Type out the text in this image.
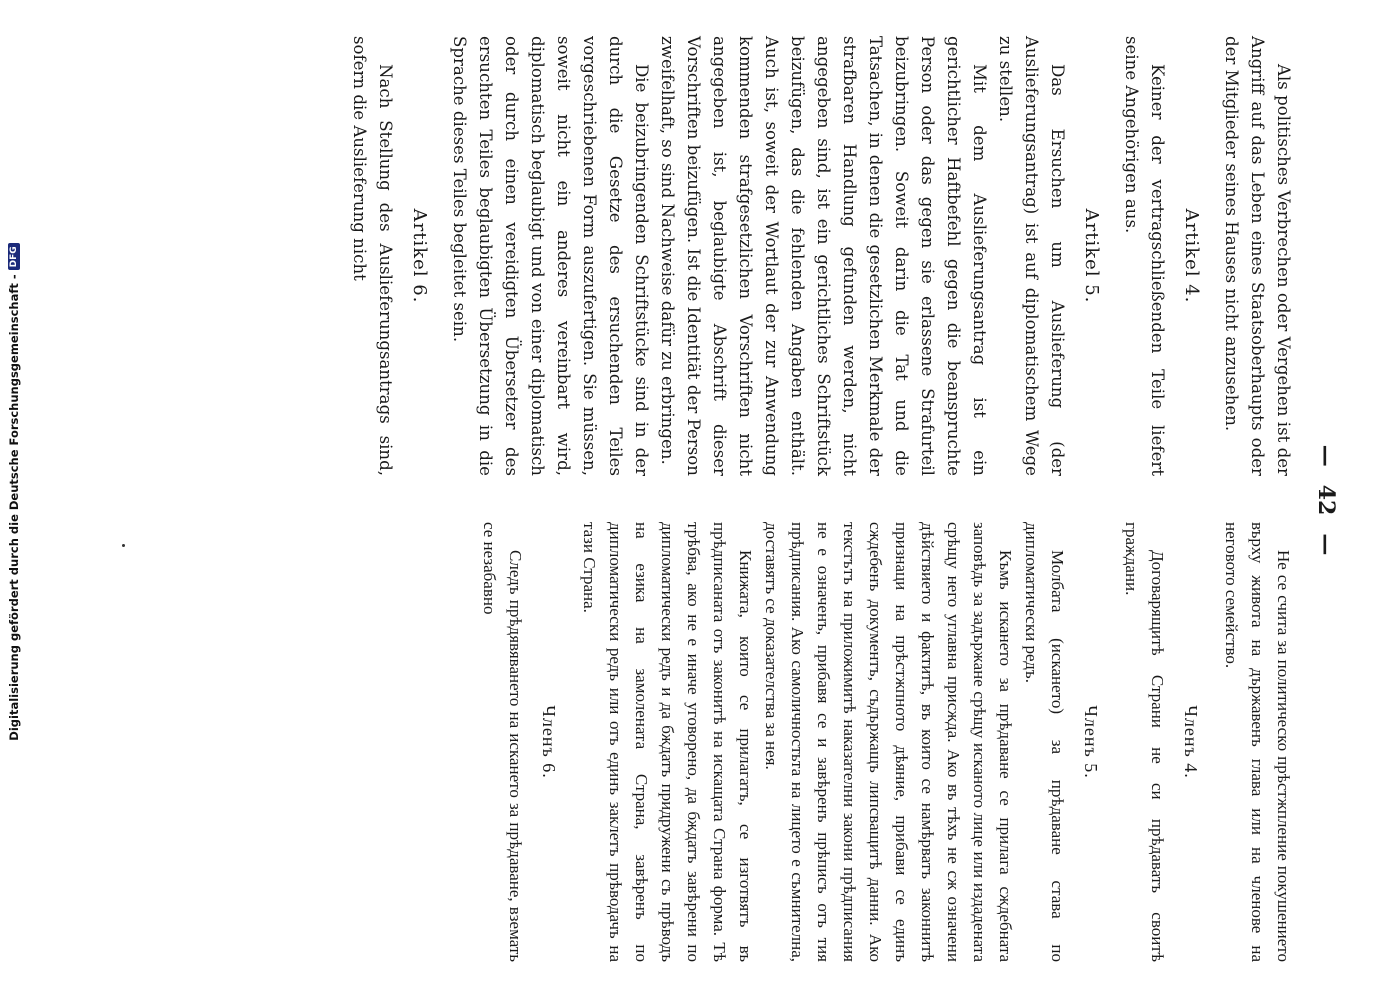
—
42
—

Als politisches Verbrechen oder Vergehen ist der Angriff auf das Leben eines Staatsoberhaupts oder der Mitglieder seines Hauses nicht anzusehen.

Artikel 4.

Keiner der vertragschließenden Teile liefert seine Angehörigen aus.

Artikel 5.

Das Ersuchen um Auslieferung (der Auslieferungsantrag) ist auf diplomatischem Wege zu stellen.

Mit dem Auslieferungsantrag ist ein gerichtlicher Haftbefehl gegen die beanspruchte Person oder das gegen sie erlassene Strafurteil beizubringen. Soweit darin die Tat und die Tatsachen, in denen die gesetzlichen Merkmale der strafbaren Handlung gefunden werden, nicht angegeben sind, ist ein gerichtliches Schriftstück beizufügen, das die fehlenden Angaben enthält. Auch ist, soweit der Wortlaut der zur Anwendung kommenden strafgesetzlichen Vorschriften nicht angegeben ist, beglaubigte Abschrift dieser Vorschriften beizufügen. Ist die Identität der Person zweifelhaft, so sind Nachweise dafür zu erbringen.

Die beizubringenden Schriftstücke sind in der durch die Gesetze des ersuchenden Teiles vorgeschriebenen Form auszufertigen. Sie müssen, soweit nicht ein anderes vereinbart wird, diplomatisch beglaubigt und von einer diplomatisch oder durch einen vereidigten Übersetzer des ersuchten Teiles beglaubigten Übersetzung in die Sprache dieses Teiles begleitet sein.

Artikel 6.

Nach Stellung des Auslieferungsantrags sind, sofern die Auslieferung nicht

Не се счита за политическо прѣстжпление покушението върху живота на държавенъ глава или на членове на неговото семейство.

Членъ 4.

Договарящитѣ Страни не си прѣдаватъ своитѣ граждани.

Членъ 5.

Молбата (искането) за прѣдаване става по дипломатически редъ.

Къмъ искането за прѣдаване се прилага сждебната заповѣдь за задържане срѣщу исканото лице или издадената срѣщу него углавна присжда. Ако въ тѣхъ не сж означени дѣйствието и фактитѣ, въ които се намѣрватъ законнитѣ признаци на прѣстжпното дѣяние, прибави се единъ сждебенъ документъ, съдържащъ липсващитѣ данни. Ако текстътъ на приложимитѣ наказателни закони прѣдписания не е означенъ, прибавя се и завѣренъ прѣписъ отъ тия прѣдписания. Ако самоличностьта на лицето е съмнителна, доставятъ се доказателства за нея.

Книжата, които се прилагатъ, се изготвятъ въ прѣдписаната отъ законитѣ на искащата Страна форма. Тѣ трѣбва, ако не е иначе уговорено, да бждатъ завѣрени по дипломатически редъ и да бждатъ придружени съ прѣводъ на езика на замолената Страна, завѣренъ по дипломатически редъ или отъ единъ заклетъ прѣводачъ на тази Страна.

Членъ 6.

Следъ прѣдявяването на искането за прѣдаване, вземать се незабавно

Digitalisierung gefördert durch die Deutsche Forschungsgemeinschaft
-
DFG
